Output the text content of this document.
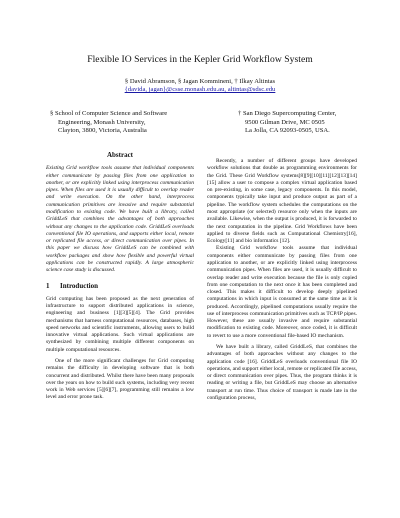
Flexible IO Services in the Kepler Grid Workflow System
§ David Abramson, § Jagan Kommineni, † Ilkay Altintas
{davida, jagan}@csse.monash.edu.au, altintas@sdsc.edu
§ School of Computer Science and Software
Engineering, Monash University,
Clayton, 3800, Victoria, Australia
† San Diego Supercomputing Center,
9500 Gilman Drive, MC 0505
La Jolla, CA 92093-0505, USA.
Abstract

Existing Grid workflow tools assume that individual components either communicate by passing files from one application to another, or are explicitly linked using interprocess communication pipes. When files are used it is usually difficult to overlap reader and write execution. On the other hand, interprocess communication primitives are invasive and require substantial modification to existing code. We have built a library, called GriddLeS that combines the advantages of both approaches without any changes to the application code. GriddLeS overloads conventional file IO operations, and supports either local, remote or replicated file access, or direct communication over pipes. In this paper we discuss how GriddLeS can be combined with workflow packages and show how flexible and powerful virtual applications can be constructed rapidly. A large atmospheric science case study is discussed.

1 Introduction

Grid computing has been proposed as the next generation of infrastructure to support distributed applications in science, engineering and business [1][3][5][4]. The Grid provides mechanisms that harness computational resources, databases, high speed networks and scientific instruments, allowing users to build innovative virtual applications. Such virtual applications are synthesized by combining multiple different components on multiple computational resources.

One of the more significant challenges for Grid computing remains the difficulty in developing software that is both concurrent and distributed. Whilst there have been many proposals over the years on how to build such systems, including very recent work in Web services [5][6][7], programming still remains a low level and error prone task.

Recently, a number of different groups have developed workflow solutions that double as programming environments for the Grid. These Grid Workflow systems[8][9][10][11][12][13][14][15] allow a user to compose a complex virtual application based on pre-existing, in some case, legacy components. In this model, components typically take input and produce output as part of a pipeline. The workflow system schedules the computations on the most appropriate (or selected) resource only when the inputs are available. Likewise, when the output is produced, it is forwarded to the next computation in the pipeline. Grid Workflows have been applied to diverse fields such as Computational Chemistry[16], Ecology[11] and bio informatics [12].

Existing Grid workflow tools assume that individual components either communicate by passing files from one application to another, or are explicitly linked using interprocess communication pipes. When files are used, it is usually difficult to overlap reader and write execution because the file is only copied from one computation to the next once it has been completed and closed. This makes it difficult to develop deeply pipelined computations in which input is consumed at the same time as it is produced. Accordingly, pipelined computations usually require the use of interprocess communication primitives such as TCP/IP pipes. However, these are usually invasive and require substantial modification to existing code. Moreover, once coded, it is difficult to revert to use a more conventional file-based IO mechanism.

We have built a library, called GriddLeS, that combines the advantages of both approaches without any changes to the application code [16]. GriddLeS overloads conventional file IO operations, and support either local, remote or replicated file access, or direct communication over pipes. Thus, the program thinks it is reading or writing a file, but GriddLeS may choose an alternative transport at run time. Thus choice of transport is made late in the configuration process,
